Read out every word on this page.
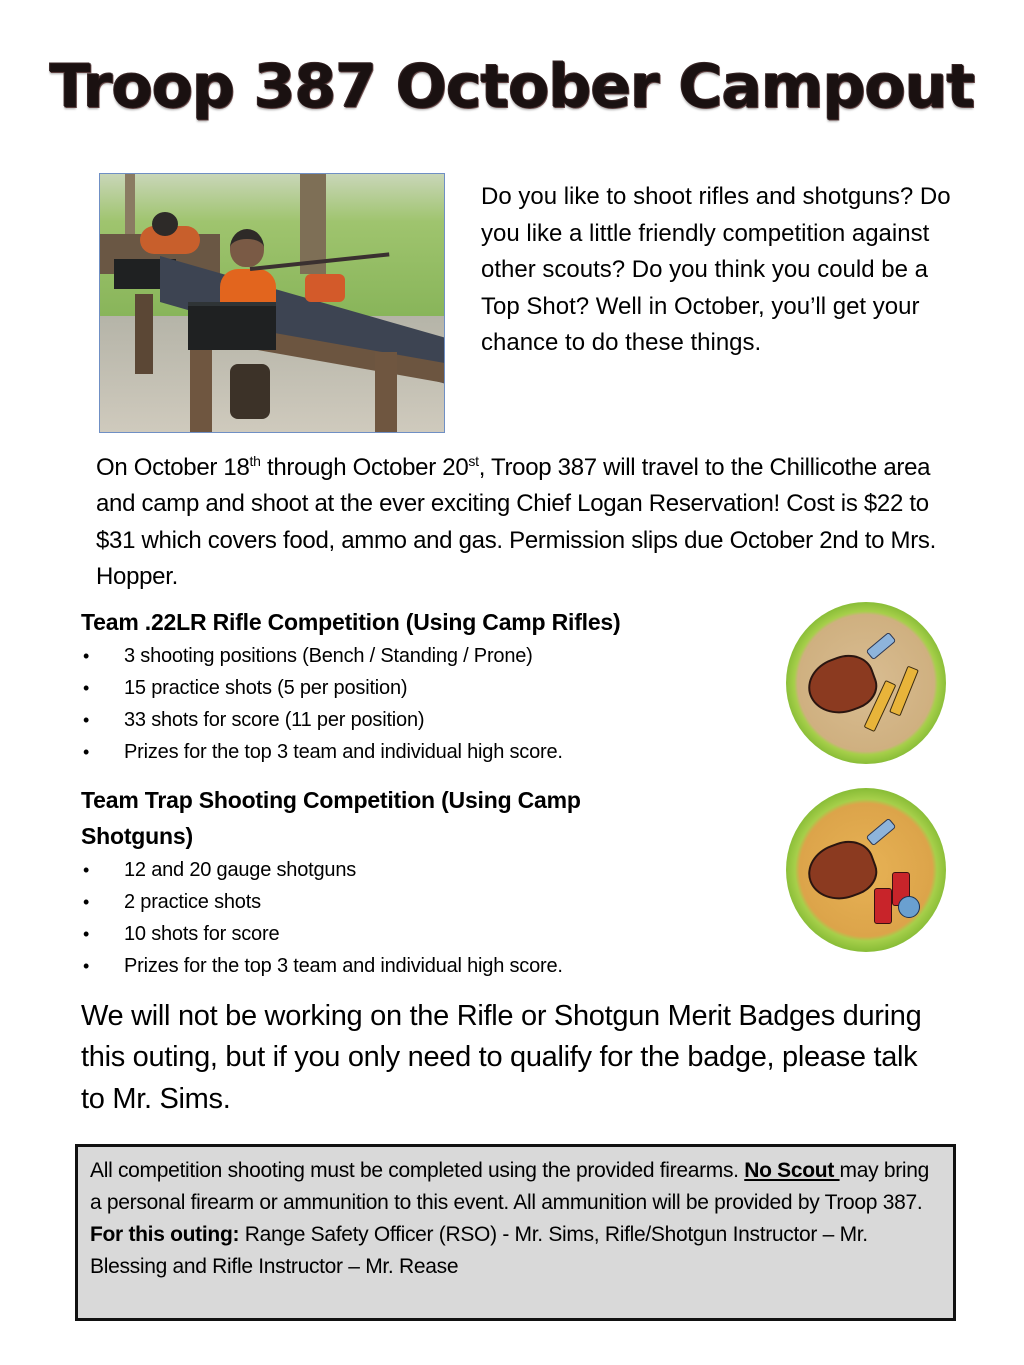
Troop 387 October Campout

Do you like to shoot rifles and shotguns? Do you like a little friendly competition against other scouts? Do you think you could be a Top Shot? Well in October, you’ll get your chance to do these things.

On October 18th through October 20st, Troop 387 will travel to the Chillicothe area and camp and shoot at the ever exciting Chief Logan Reservation! Cost is $22 to $31 which covers food, ammo and gas. Permission slips due October 2nd to Mrs. Hopper.

Team .22LR Rifle Competition (Using Camp Rifles)
• 3 shooting positions (Bench / Standing / Prone)
• 15 practice shots (5 per position)
• 33 shots for score (11 per position)
• Prizes for the top 3 team and individual high score.
Team Trap Shooting Competition (Using Camp Shotguns)
• 12 and 20 gauge shotguns
• 2 practice shots
• 10 shots for score
• Prizes for the top 3 team and individual high score.

We will not be working on the Rifle or Shotgun Merit Badges during this outing, but if you only need to qualify for the badge, please talk to Mr. Sims.

All competition shooting must be completed using the provided firearms. No Scout may bring a personal firearm or ammunition to this event. All ammunition will be provided by Troop 387. For this outing: Range Safety Officer (RSO) - Mr. Sims, Rifle/Shotgun Instructor – Mr. Blessing and Rifle Instructor – Mr. Rease
